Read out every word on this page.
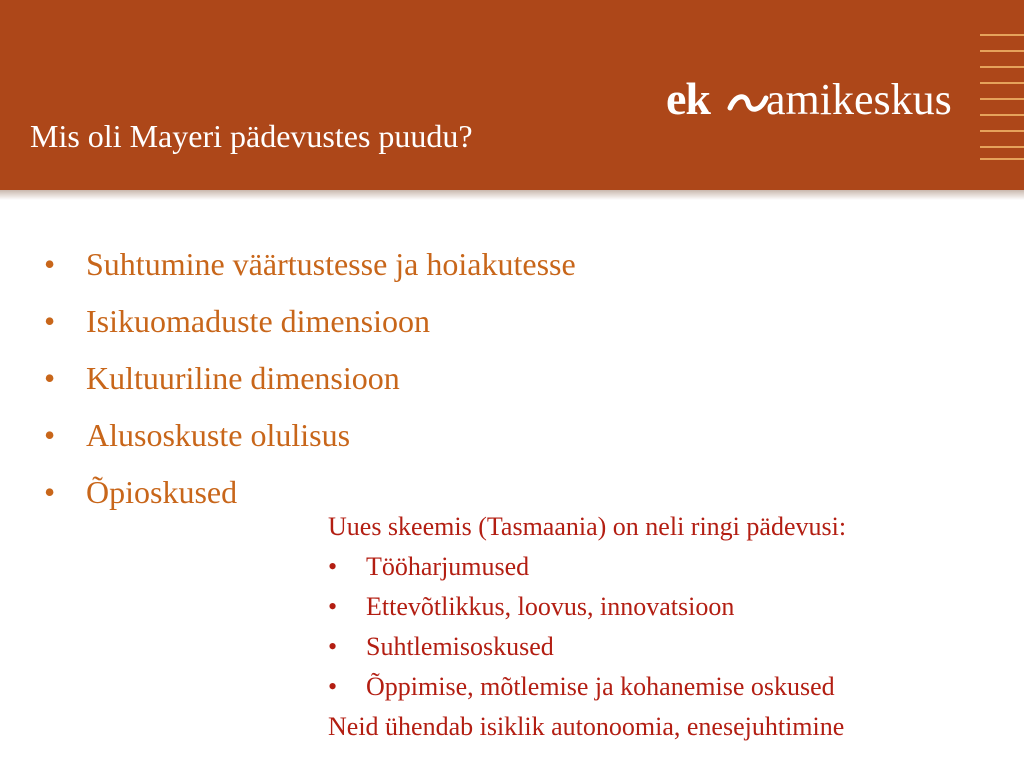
Mis oli Mayeri pädevustes puudu?
ek amikeskus
• Suhtumine väärtustesse ja hoiakutesse
• Isikuomaduste dimensioon
• Kultuuriline dimensioon
• Alusoskuste olulisus
• Õpioskused

Uues skeemis (Tasmaania) on neli ringi pädevusi:

• Tööharjumused
• Ettevõtlikkus, loovus, innovatsioon
• Suhtlemisoskused
• Õppimise, mõtlemise ja kohanemise oskused

Neid ühendab isiklik autonoomia, enesejuhtimine
